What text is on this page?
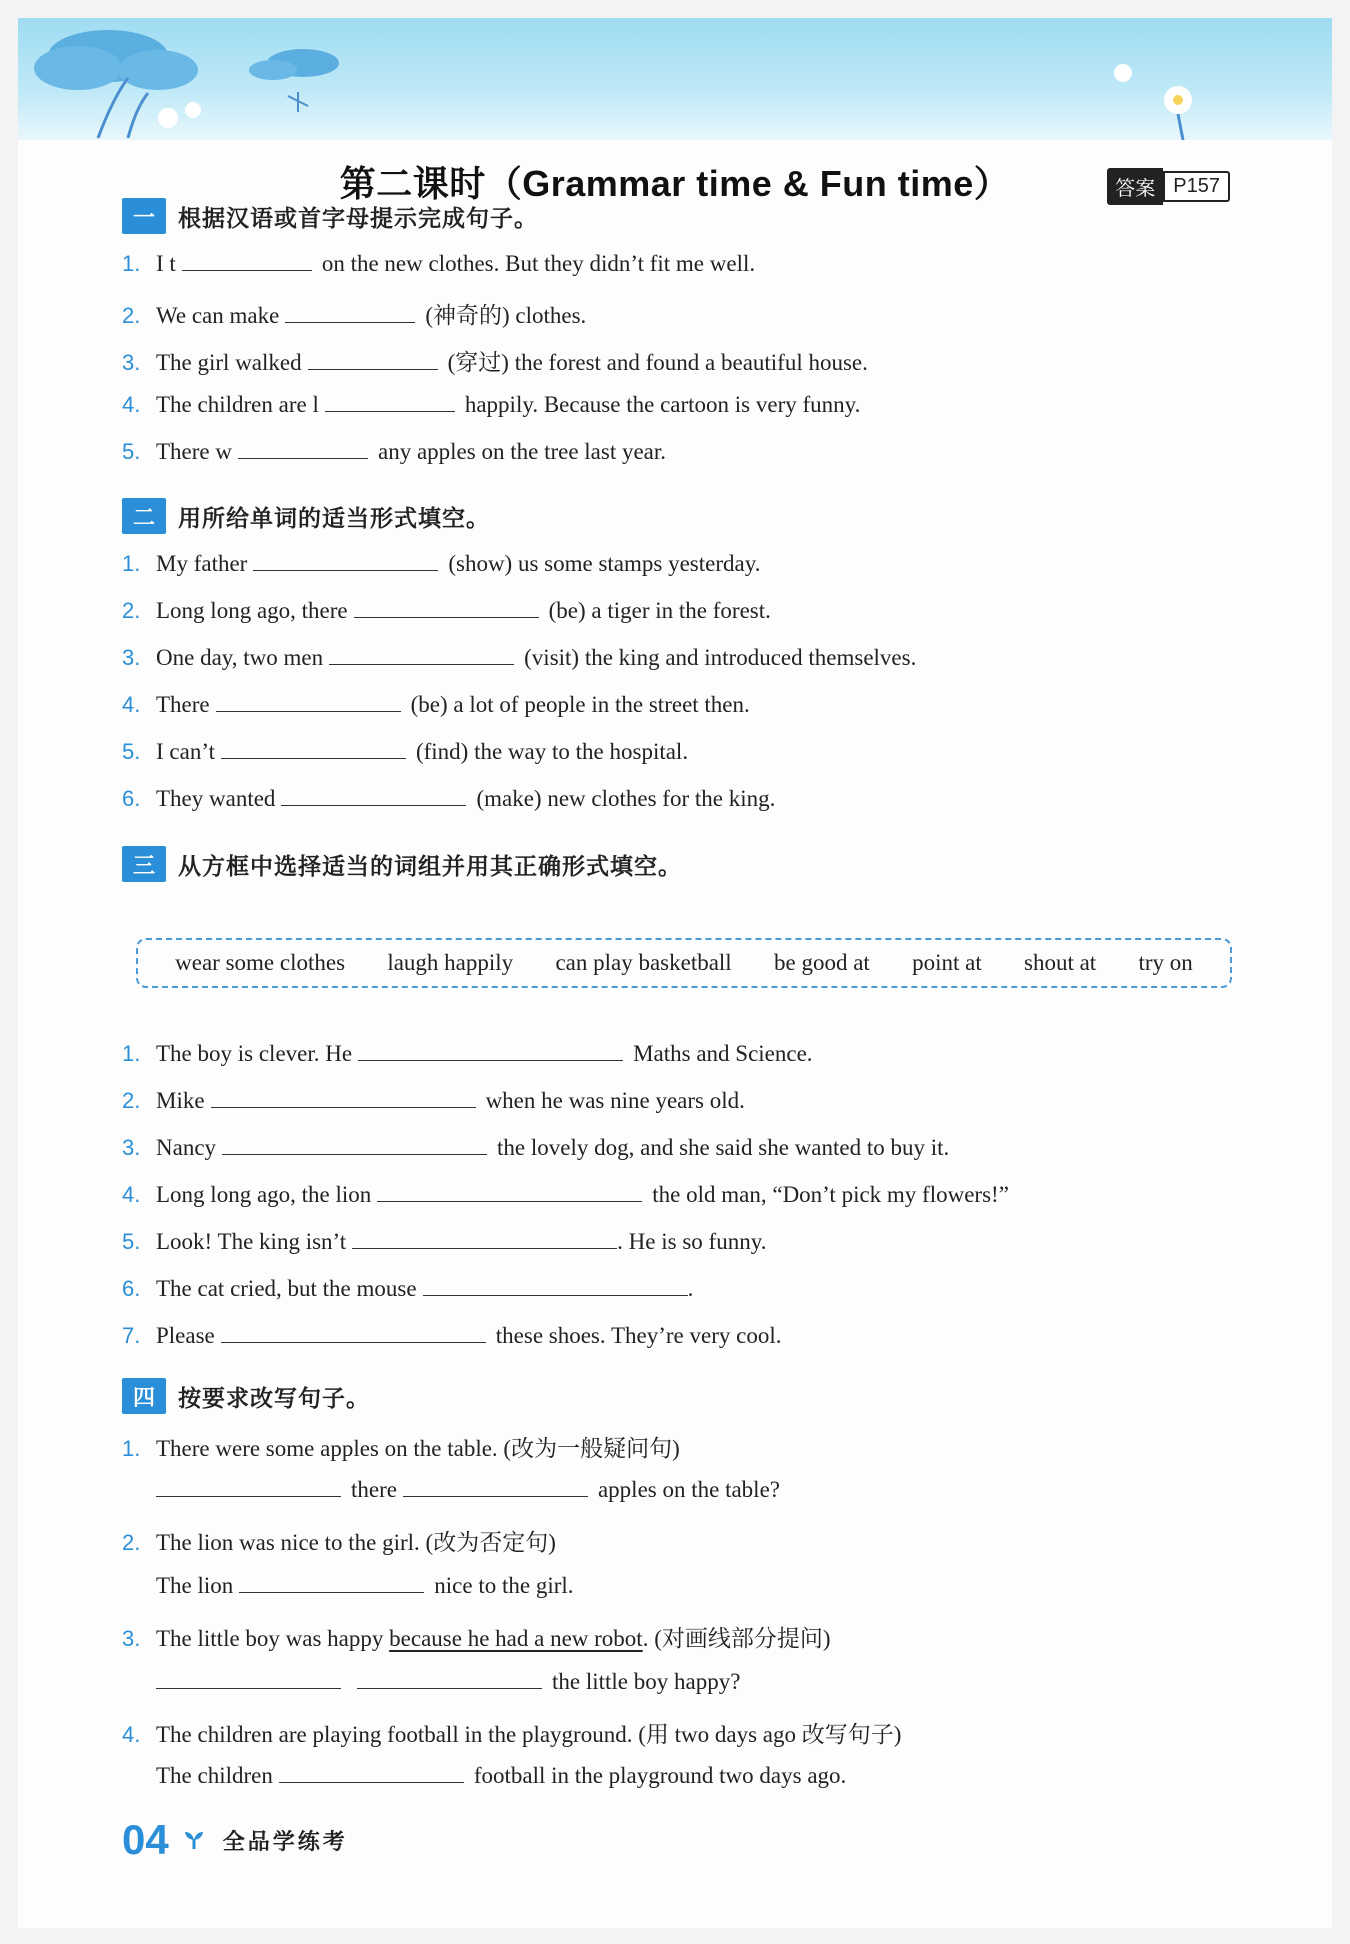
第二课时（Grammar time & Fun time）	答案 P157
一	根据汉语或首字母提示完成句子。
1. I t	on the new clothes. But they didn’t fit me well.
2. We can make	(神奇的) clothes.
3. The girl walked	(穿过) the forest and found a beautiful house.
4. The children are l	happily. Because the cartoon is very funny.
5. There w	any apples on the tree last year.
二	用所给单词的适当形式填空。
1. My father	(show) us some stamps yesterday.
2. Long long ago, there	(be) a tiger in the forest.
3. One day, two men	(visit) the king and introduced themselves.
4. There	(be) a lot of people in the street then.
5. I can’t	(find) the way to the hospital.
6. They wanted	(make) new clothes for the king.
三	从方框中选择适当的词组并用其正确形式填空。
wear some clothes laugh happily can play basketball be good at point at shout at try on
1. The boy is clever. He	Maths and Science.
2. Mike	when he was nine years old.
3. Nancy	the lovely dog, and she said she wanted to buy it.
4. Long long ago, the lion	the old man, “Don’t pick my flowers!”
5. Look! The king isn’t	. He is so funny.
6. The cat cried, but the mouse	.
7. Please	these shoes. They’re very cool.
四	按要求改写句子。
1. There were some apples on the table. (改为一般疑问句)
there	apples on the table?
2. The lion was nice to the girl. (改为否定句)
The lion	nice to the girl.
3. The little boy was happy because he had a new robot. (对画线部分提问)
the little boy happy?
4. The children are playing football in the playground. (用 two days ago 改写句子)
The children	football in the playground two days ago.
04 全品学练考
